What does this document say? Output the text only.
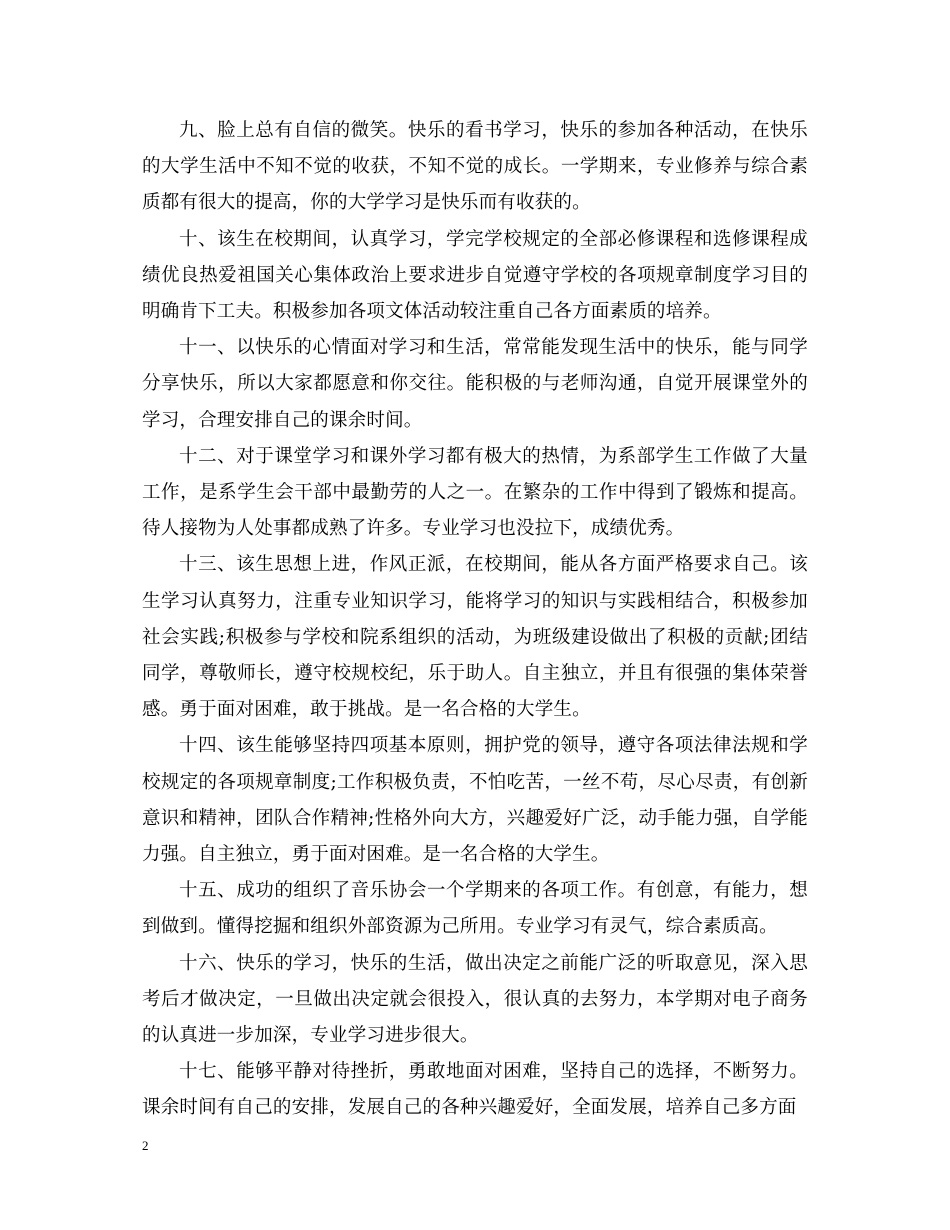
九、脸上总有自信的微笑。快乐的看书学习，快乐的参加各种活动，在快乐的大学生活中不知不觉的收获，不知不觉的成长。一学期来，专业修养与综合素质都有很大的提高，你的大学学习是快乐而有收获的。

十、该生在校期间，认真学习，学完学校规定的全部必修课程和选修课程成绩优良热爱祖国关心集体政治上要求进步自觉遵守学校的各项规章制度学习目的明确肯下工夫。积极参加各项文体活动较注重自己各方面素质的培养。

十一、以快乐的心情面对学习和生活，常常能发现生活中的快乐，能与同学分享快乐，所以大家都愿意和你交往。能积极的与老师沟通，自觉开展课堂外的学习，合理安排自己的课余时间。

十二、对于课堂学习和课外学习都有极大的热情，为系部学生工作做了大量工作，是系学生会干部中最勤劳的人之一。在繁杂的工作中得到了锻炼和提高。待人接物为人处事都成熟了许多。专业学习也没拉下，成绩优秀。

十三、该生思想上进，作风正派，在校期间，能从各方面严格要求自己。该生学习认真努力，注重专业知识学习，能将学习的知识与实践相结合，积极参加社会实践;积极参与学校和院系组织的活动，为班级建设做出了积极的贡献;团结同学，尊敬师长，遵守校规校纪，乐于助人。自主独立，并且有很强的集体荣誉感。勇于面对困难，敢于挑战。是一名合格的大学生。

十四、该生能够坚持四项基本原则，拥护党的领导，遵守各项法律法规和学校规定的各项规章制度;工作积极负责，不怕吃苦，一丝不苟，尽心尽责，有创新意识和精神，团队合作精神;性格外向大方，兴趣爱好广泛，动手能力强，自学能力强。自主独立，勇于面对困难。是一名合格的大学生。

十五、成功的组织了音乐协会一个学期来的各项工作。有创意，有能力，想到做到。懂得挖掘和组织外部资源为己所用。专业学习有灵气，综合素质高。

十六、快乐的学习，快乐的生活，做出决定之前能广泛的听取意见，深入思考后才做决定，一旦做出决定就会很投入，很认真的去努力，本学期对电子商务的认真进一步加深，专业学习进步很大。

十七、能够平静对待挫折，勇敢地面对困难，坚持自己的选择，不断努力。课余时间有自己的安排，发展自己的各种兴趣爱好，全面发展，培养自己多方面

2
